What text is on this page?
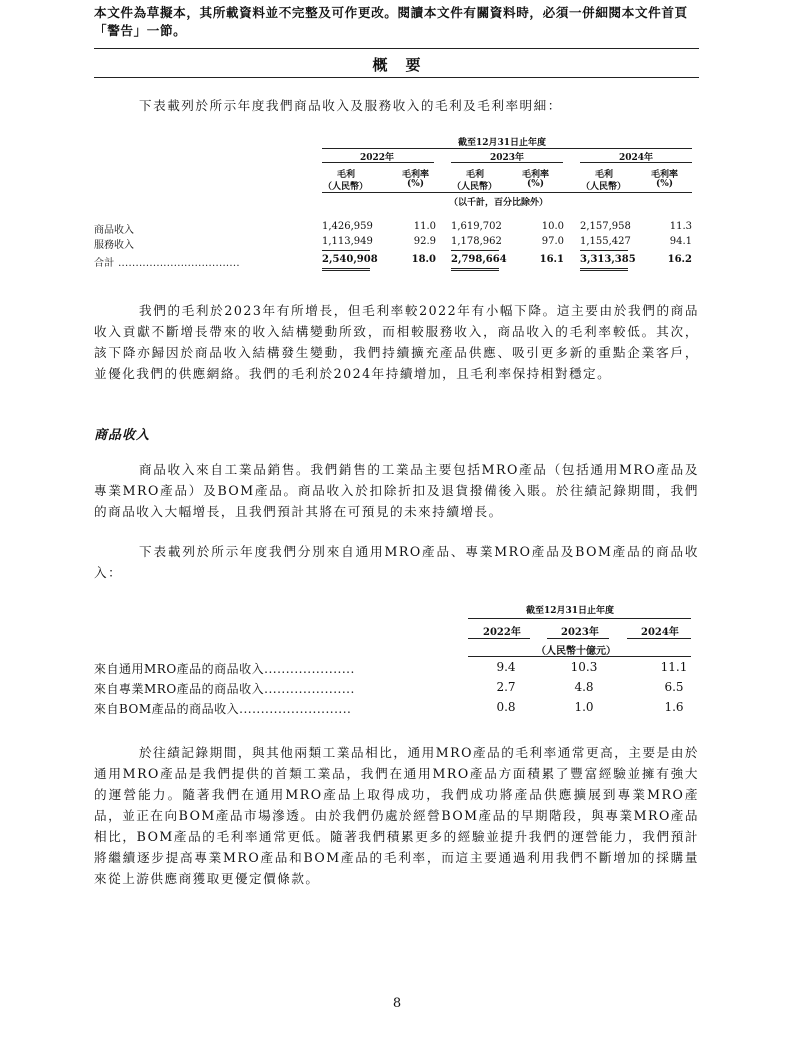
本文件為草擬本，其所載資料並不完整及可作更改。閱讀本文件有關資料時，必須一併細閱本文件首頁「警告」一節。
概要
下表載列於所示年度我們商品收入及服務收入的毛利及毛利率明細：
截至12月31日止年度
2022年	2023年	2024年
毛利
（人民幣）
毛利率
(%)
毛利
（人民幣）
毛利率
(%)
毛利
（人民幣）
毛利率
(%)
（以千計，百分比除外）
商品收入	1,426,959	11.0 1,619,702	10.0 2,157,958	11.3
服務收入	1,113,949	92.9 1,178,962	97.0 1,155,427	94.1
合計 ...................................	2,540,908	18.0 2,798,664	16.1 3,313,385	16.2
我們的毛利於2023年有所增長，但毛利率較2022年有小幅下降。這主要由於我們的商品收入貢獻不斷增長帶來的收入結構變動所致，而相較服務收入，商品收入的毛利率較低。其次，該下降亦歸因於商品收入結構發生變動，我們持續擴充產品供應、吸引更多新的重點企業客戶，並優化我們的供應網絡。我們的毛利於2024年持續增加，且毛利率保持相對穩定。
商品收入
商品收入來自工業品銷售。我們銷售的工業品主要包括MRO產品（包括通用MRO產品及專業MRO產品）及BOM產品。商品收入於扣除折扣及退貨撥備後入賬。於往績記錄期間，我們的商品收入大幅增長，且我們預計其將在可預見的未來持續增長。
下表載列於所示年度我們分別來自通用MRO產品、專業MRO產品及BOM產品的商品收入：
截至12月31日止年度
2022年	2023年	2024年
（人民幣十億元）
來自通用MRO產品的商品收入.....................	9.4	10.3	11.1
來自專業MRO產品的商品收入.....................	2.7	4.8	6.5
來自BOM產品的商品收入..........................	0.8	1.0	1.6
於往績記錄期間，與其他兩類工業品相比，通用MRO產品的毛利率通常更高，主要是由於通用MRO產品是我們提供的首類工業品，我們在通用MRO產品方面積累了豐富經驗並擁有強大的運營能力。隨著我們在通用MRO產品上取得成功，我們成功將產品供應擴展到專業MRO產品，並正在向BOM產品市場滲透。由於我們仍處於經營BOM產品的早期階段，與專業MRO產品相比，BOM產品的毛利率通常更低。隨著我們積累更多的經驗並提升我們的運營能力，我們預計將繼續逐步提高專業MRO產品和BOM產品的毛利率，而這主要通過利用我們不斷增加的採購量來從上游供應商獲取更優定價條款。
8
